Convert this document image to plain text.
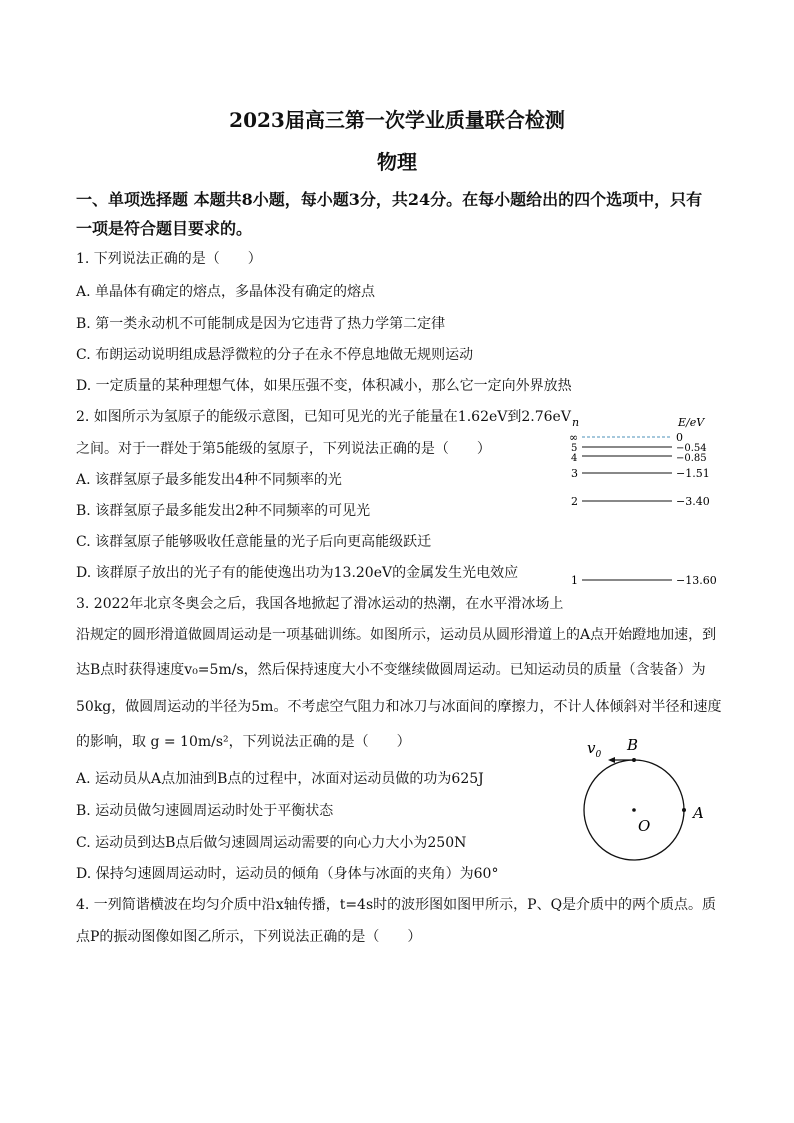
2023届高三第一次学业质量联合检测
物理
一、单项选择题 本题共8小题，每小题3分，共24分。在每小题给出的四个选项中，只有
一项是符合题目要求的。
1. 下列说法正确的是（　　）
A. 单晶体有确定的熔点，多晶体没有确定的熔点
B. 第一类永动机不可能制成是因为它违背了热力学第二定律
C. 布朗运动说明组成悬浮微粒的分子在永不停息地做无规则运动
D. 一定质量的某种理想气体，如果压强不变，体积减小，那么它一定向外界放热
2. 如图所示为氢原子的能级示意图，已知可见光的光子能量在1.62eV到2.76eV
之间。对于一群处于第5能级的氢原子，下列说法正确的是（　　）
A. 该群氢原子最多能发出4种不同频率的光
B. 该群氢原子最多能发出2种不同频率的可见光
C. 该群氢原子能够吸收任意能量的光子后向更高能级跃迁
D. 该群原子放出的光子有的能使逸出功为13.20eV的金属发生光电效应
n	E/eV
∞	0
5	−0.54
4	−0.85
3	−1.51
2	−3.40
1	−13.60
3. 2022年北京冬奥会之后，我国各地掀起了滑冰运动的热潮，在水平滑冰场上
沿规定的圆形滑道做圆周运动是一项基础训练。如图所示，运动员从圆形滑道上的A点开始蹬地加速，到
达B点时获得速度v₀=5m/s，然后保持速度大小不变继续做圆周运动。已知运动员的质量（含装备）为
50kg，做圆周运动的半径为5m。不考虑空气阻力和冰刀与冰面间的摩擦力，不计人体倾斜对半径和速度
的影响，取 g = 10m/s²，下列说法正确的是（　　）
A. 运动员从A点加油到B点的过程中，冰面对运动员做的功为625J
B. 运动员做匀速圆周运动时处于平衡状态
C. 运动员到达B点后做匀速圆周运动需要的向心力大小为250N
D. 保持匀速圆周运动时，运动员的倾角（身体与冰面的夹角）为60°
$v_0$
B
A
O
4. 一列简谐横波在均匀介质中沿x轴传播，t=4s时的波形图如图甲所示，P、Q是介质中的两个质点。质
点P的振动图像如图乙所示，下列说法正确的是（　　）
